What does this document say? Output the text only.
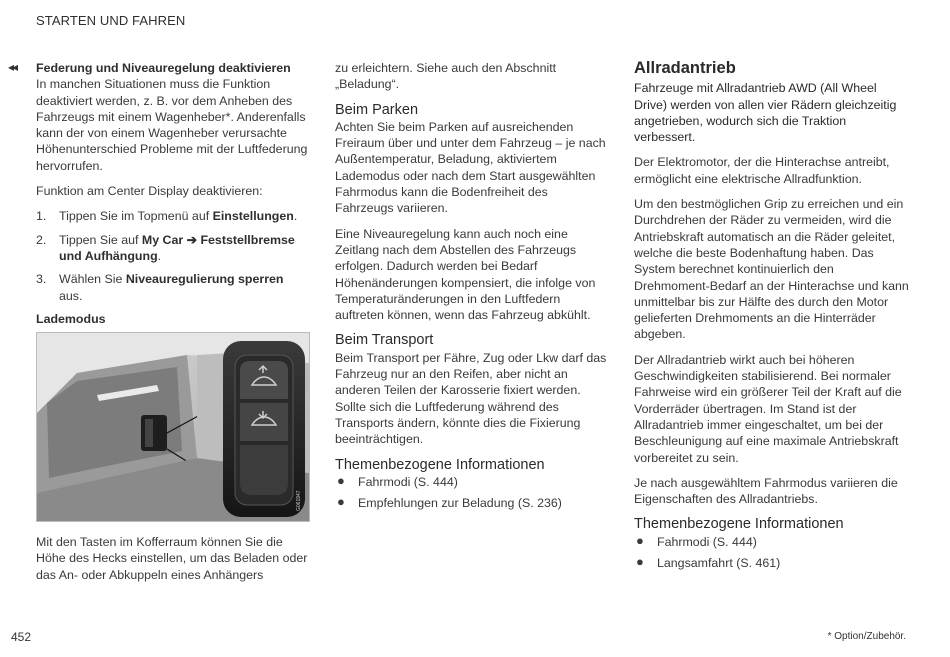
STARTEN UND FAHREN
◂◂ Federung und Niveauregelung deaktivieren

In manchen Situationen muss die Funktion deaktiviert werden, z. B. vor dem Anheben des Fahrzeugs mit einem Wagenheber*. Anderenfalls kann der von einem Wagenheber verursachte Höhenunterschied Probleme mit der Luftfederung hervorrufen.

Funktion am Center Display deaktivieren:

1. Tippen Sie im Topmenü auf Einstellungen.
2. Tippen Sie auf My Car ➔ Feststellbremse und Aufhängung.
3. Wählen Sie Niveauregulierung sperren aus.
Lademodus
G061947

Mit den Tasten im Kofferraum können Sie die Höhe des Hecks einstellen, um das Beladen oder das An- oder Abkuppeln eines Anhängers

zu erleichtern. Siehe auch den Abschnitt „Beladung“.

Beim Parken

Achten Sie beim Parken auf ausreichenden Freiraum über und unter dem Fahrzeug – je nach Außentemperatur, Beladung, aktiviertem Lademodus oder nach dem Start ausgewählten Fahrmodus kann die Bodenfreiheit des Fahrzeugs variieren.

Eine Niveauregelung kann auch noch eine Zeitlang nach dem Abstellen des Fahrzeugs erfolgen. Dadurch werden bei Bedarf Höhenänderungen kompensiert, die infolge von Temperaturänderungen in den Luftfedern auftreten können, wenn das Fahrzeug abkühlt.

Beim Transport

Beim Transport per Fähre, Zug oder Lkw darf das Fahrzeug nur an den Reifen, aber nicht an anderen Teilen der Karosserie fixiert werden. Sollte sich die Luftfederung während des Transports ändern, könnte dies die Fixierung beeinträchtigen.

Themenbezogene Informationen
● Fahrmodi (S. 444)
● Empfehlungen zur Beladung (S. 236)
Allradantrieb

Fahrzeuge mit Allradantrieb AWD (All Wheel Drive) werden von allen vier Rädern gleichzeitig angetrieben, wodurch sich die Traktion verbessert.

Der Elektromotor, der die Hinterachse antreibt, ermöglicht eine elektrische Allradfunktion.

Um den bestmöglichen Grip zu erreichen und ein Durchdrehen der Räder zu vermeiden, wird die Antriebskraft automatisch an die Räder geleitet, welche die beste Bodenhaftung haben. Das System berechnet kontinuierlich den Drehmoment-Bedarf an der Hinterachse und kann unmittelbar bis zur Hälfte des durch den Motor gelieferten Drehmoments an die Hinterräder abgeben.

Der Allradantrieb wirkt auch bei höheren Geschwindigkeiten stabilisierend. Bei normaler Fahrweise wird ein größerer Teil der Kraft auf die Vorderräder übertragen. Im Stand ist der Allradantrieb immer eingeschaltet, um bei der Beschleunigung auf eine maximale Antriebskraft vorbereitet zu sein.

Je nach ausgewähltem Fahrmodus variieren die Eigenschaften des Allradantriebs.

Themenbezogene Informationen
● Fahrmodi (S. 444)
● Langsamfahrt (S. 461)
452	* Option/Zubehör.
